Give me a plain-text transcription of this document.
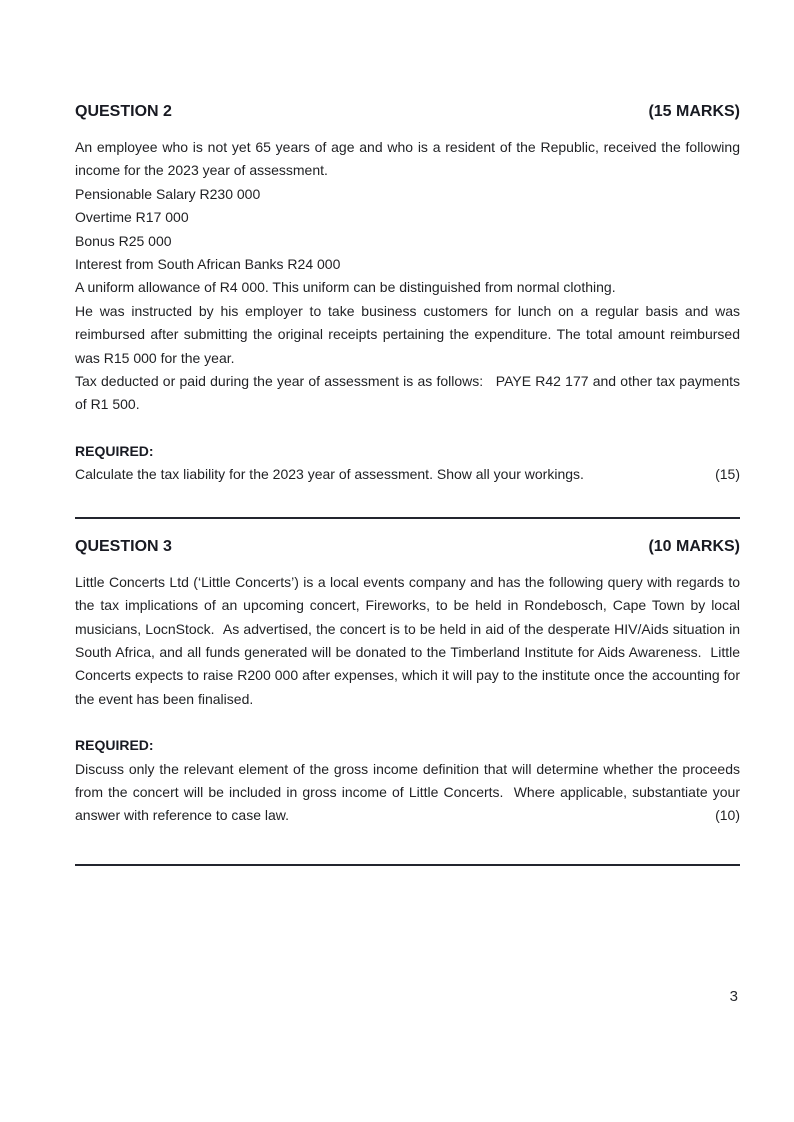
QUESTION 2	(15 MARKS)

An employee who is not yet 65 years of age and who is a resident of the Republic, received the following income for the 2023 year of assessment.

Pensionable Salary R230 000

Overtime R17 000

Bonus R25 000

Interest from South African Banks R24 000

A uniform allowance of R4 000. This uniform can be distinguished from normal clothing.

He was instructed by his employer to take business customers for lunch on a regular basis and was reimbursed after submitting the original receipts pertaining the expenditure. The total amount reimbursed was R15 000 for the year.

Tax deducted or paid during the year of assessment is as follows:   PAYE R42 177 and other tax payments of R1 500.

REQUIRED:
Calculate the tax liability for the 2023 year of assessment. Show all your workings.	(15)
QUESTION 3	(10 MARKS)

Little Concerts Ltd (‘Little Concerts’) is a local events company and has the following query with regards to the tax implications of an upcoming concert, Fireworks, to be held in Rondebosch, Cape Town by local musicians, LocnStock.  As advertised, the concert is to be held in aid of the desperate HIV/Aids situation in South Africa, and all funds generated will be donated to the Timberland Institute for Aids Awareness.  Little Concerts expects to raise R200 000 after expenses, which it will pay to the institute once the accounting for the event has been finalised.

REQUIRED:
Discuss only the relevant element of the gross income definition that will determine whether the proceeds from the concert will be included in gross income of Little Concerts.  Where applicable, substantiate your answer with reference to case law.	(10)
3
